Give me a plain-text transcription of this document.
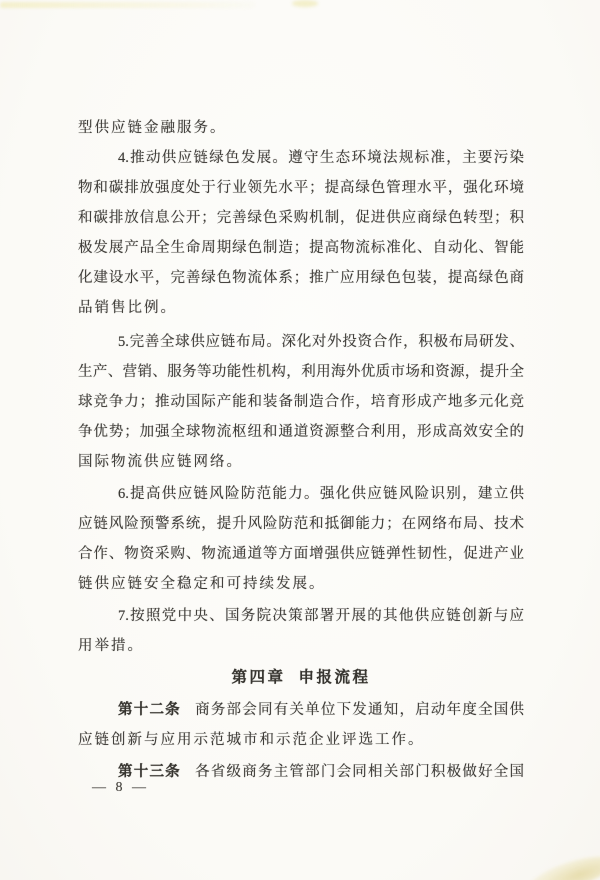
型供应链金融服务。
4.推动供应链绿色发展。遵守生态环境法规标准，主要污染
物和碳排放强度处于行业领先水平；提高绿色管理水平，强化环境
和碳排放信息公开；完善绿色采购机制，促进供应商绿色转型；积
极发展产品全生命周期绿色制造；提高物流标准化、自动化、智能
化建设水平，完善绿色物流体系；推广应用绿色包装，提高绿色商
品销售比例。
5.完善全球供应链布局。深化对外投资合作，积极布局研发、
生产、营销、服务等功能性机构，利用海外优质市场和资源，提升全
球竞争力；推动国际产能和装备制造合作，培育形成产地多元化竞
争优势；加强全球物流枢纽和通道资源整合利用，形成高效安全的
国际物流供应链网络。
6.提高供应链风险防范能力。强化供应链风险识别，建立供
应链风险预警系统，提升风险防范和抵御能力；在网络布局、技术
合作、物资采购、物流通道等方面增强供应链弹性韧性，促进产业
链供应链安全稳定和可持续发展。
7.按照党中央、国务院决策部署开展的其他供应链创新与应
用举措。
第四章 申报流程
第十二条 商务部会同有关单位下发通知，启动年度全国供
应链创新与应用示范城市和示范企业评选工作。
第十三条 各省级商务主管部门会同相关部门积极做好全国
— 8 —
